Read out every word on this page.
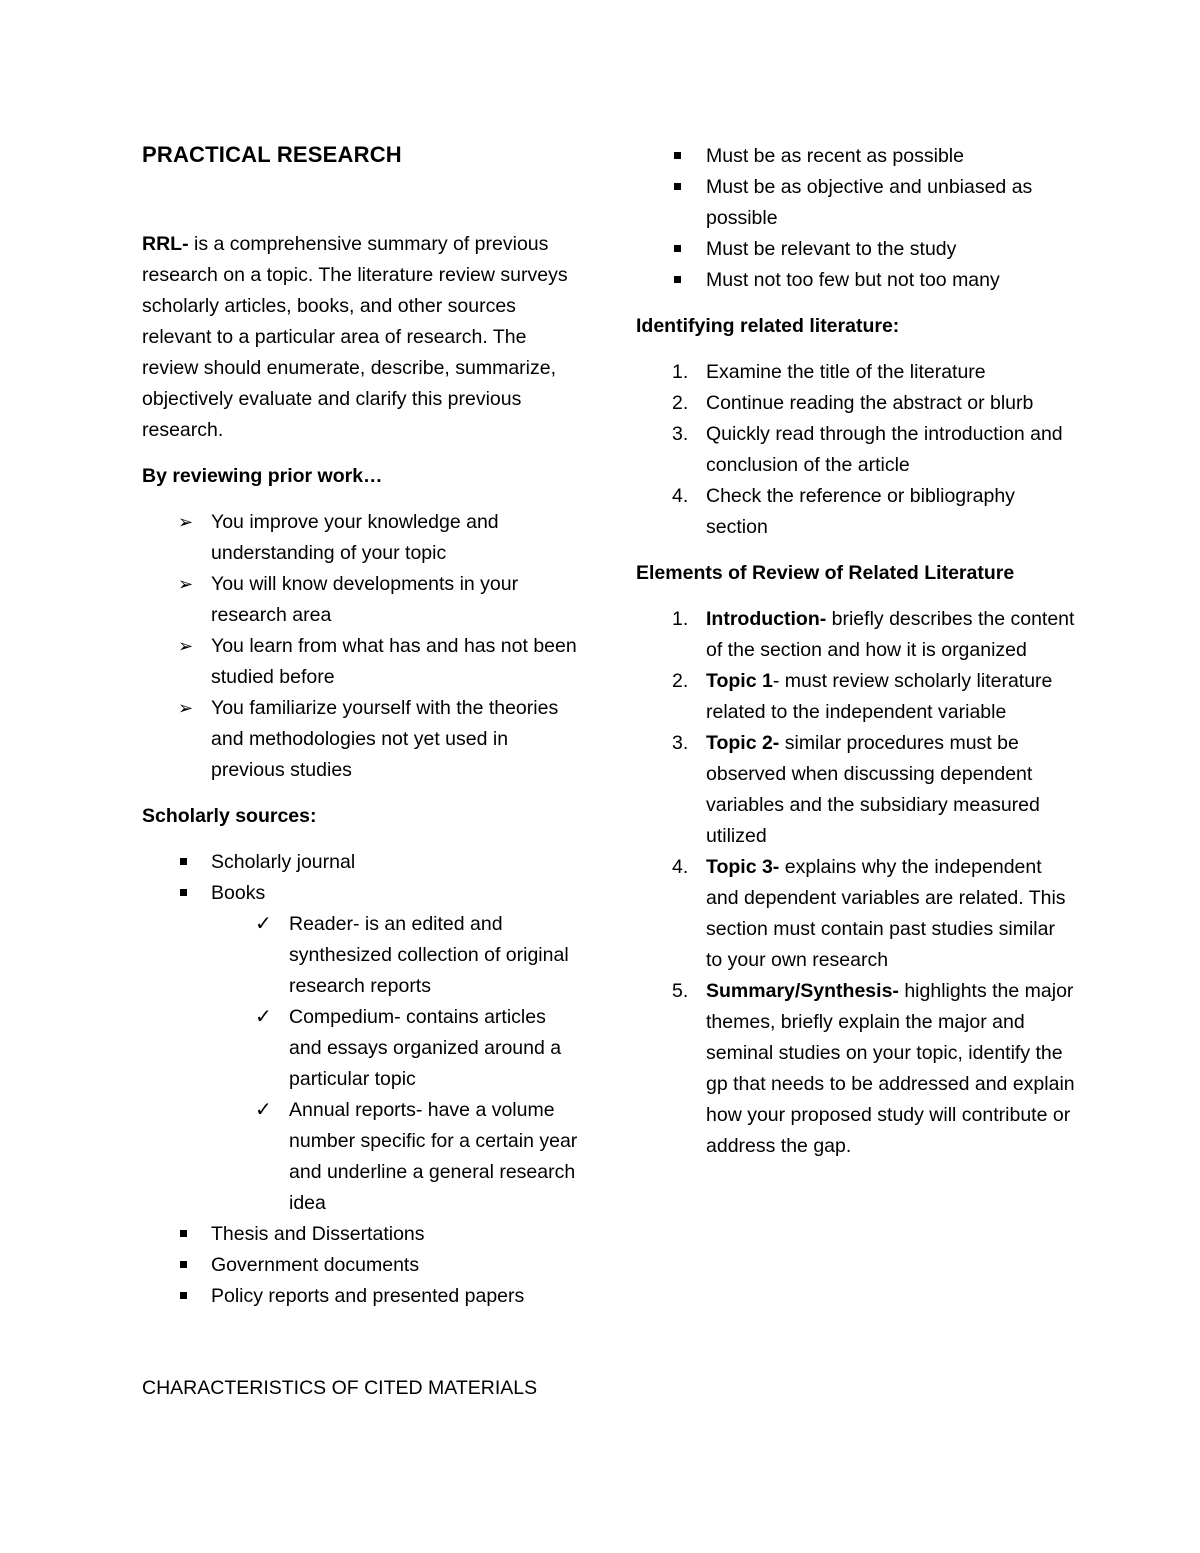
PRACTICAL RESEARCH

RRL- is a comprehensive summary of previous research on a topic. The literature review surveys scholarly articles, books, and other sources relevant to a particular area of research. The review should enumerate, describe, summarize, objectively evaluate and clarify this previous research.

By reviewing prior work…

➢ You improve your knowledge and understanding of your topic
➢ You will know developments in your research area
➢ You learn from what has and has not been studied before
➢ You familiarize yourself with the theories and methodologies not yet used in previous studies

Scholarly sources:

Scholarly journal
Books
✓ Reader- is an edited and synthesized collection of original research reports
✓ Compedium- contains articles and essays organized around a particular topic
✓ Annual reports- have a volume number specific for a certain year and underline a general research idea
Thesis and Dissertations
Government documents
Policy reports and presented papers

CHARACTERISTICS OF CITED MATERIALS

Must be as recent as possible
Must be as objective and unbiased as possible
Must be relevant to the study
Must not too few but not too many

Identifying related literature:

1. Examine the title of the literature
2. Continue reading the abstract or blurb
3. Quickly read through the introduction and conclusion of the article
4. Check the reference or bibliography section

Elements of Review of Related Literature

1. Introduction- briefly describes the content of the section and how it is organized
2. Topic 1- must review scholarly literature related to the independent variable
3. Topic 2- similar procedures must be observed when discussing dependent variables and the subsidiary measured utilized
4. Topic 3- explains why the independent and dependent variables are related. This section must contain past studies similar to your own research
5. Summary/Synthesis- highlights the major themes, briefly explain the major and seminal studies on your topic, identify the gp that needs to be addressed and explain how your proposed study will contribute or address the gap.
